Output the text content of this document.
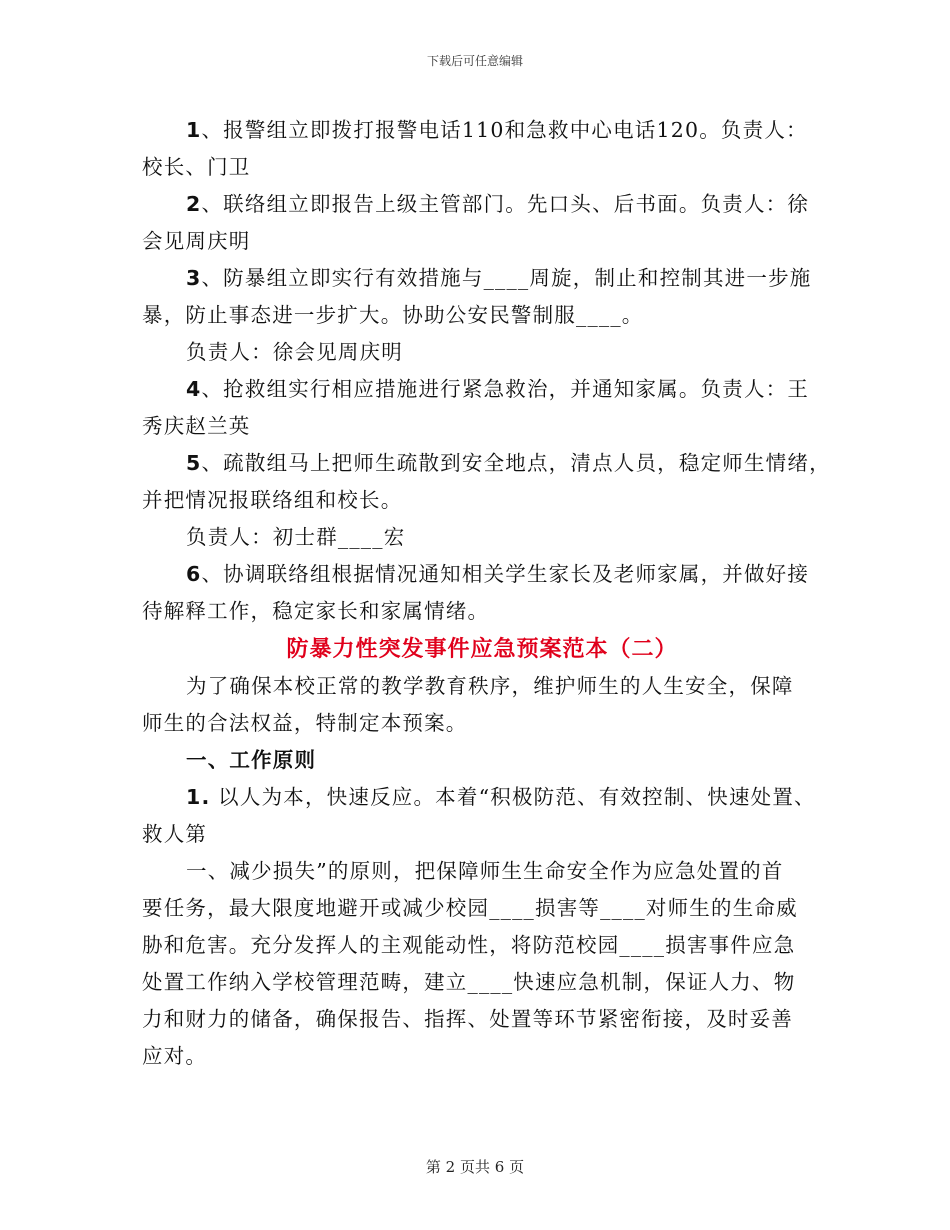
下载后可任意编辑
1、报警组立即拨打报警电话110和急救中心电话120。负责人：
校长、门卫
2、联络组立即报告上级主管部门。先口头、后书面。负责人：徐
会见周庆明
3、防暴组立即实行有效措施与____周旋，制止和控制其进一步施
暴，防止事态进一步扩大。协助公安民警制服____。
负责人：徐会见周庆明
4、抢救组实行相应措施进行紧急救治，并通知家属。负责人：王
秀庆赵兰英
5、疏散组马上把师生疏散到安全地点，清点人员，稳定师生情绪，
并把情况报联络组和校长。
负责人：初士群____宏
6、协调联络组根据情况通知相关学生家长及老师家属，并做好接
待解释工作，稳定家长和家属情绪。
防暴力性突发事件应急预案范本（二）
为了确保本校正常的教学教育秩序，维护师生的人生安全，保障
师生的合法权益，特制定本预案。
一、工作原则
1. 以人为本，快速反应。本着“积极防范、有效控制、快速处置、
救人第
一、减少损失”的原则，把保障师生生命安全作为应急处置的首
要任务，最大限度地避开或减少校园____损害等____对师生的生命威
胁和危害。充分发挥人的主观能动性，将防范校园____损害事件应急
处置工作纳入学校管理范畴，建立____快速应急机制，保证人力、物
力和财力的储备，确保报告、指挥、处置等环节紧密衔接，及时妥善
应对。
第 2 页共 6 页
